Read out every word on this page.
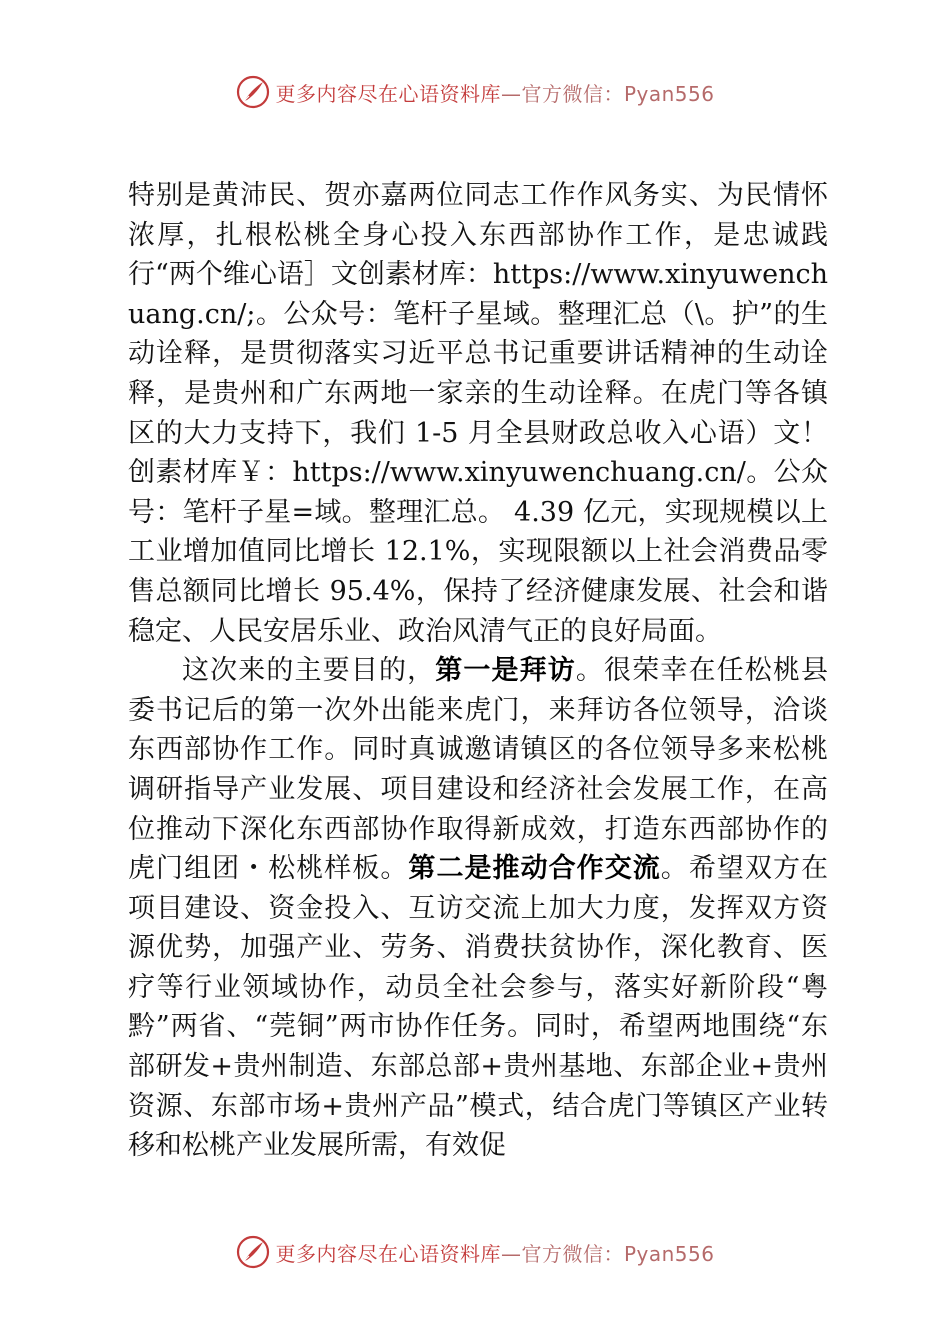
更多内容尽在心语资料库—官方微信：Pyan556

特别是黄沛民、贺亦嘉两位同志工作作风务实、为民情怀浓厚，扎根松桃全身心投入东西部协作工作，是忠诚践行“两个维心语］文创素材库：https://www.xinyuwenchuang.cn/;。公众号：笔杆子星域。整理汇总（\。护”的生动诠释，是贯彻落实习近平总书记重要讲话精神的生动诠释，是贵州和广东两地一家亲的生动诠释。在虎门等各镇区的大力支持下，我们 1-5 月全县财政总收入心语）文！创素材库￥：https://www.xinyuwenchuang.cn/。公众号：笔杆子星=域。整理汇总。 4.39 亿元，实现规模以上工业增加值同比增长 12.1%，实现限额以上社会消费品零售总额同比增长 95.4%，保持了经济健康发展、社会和谐稳定、人民安居乐业、政治风清气正的良好局面。

这次来的主要目的，第一是拜访。很荣幸在任松桃县委书记后的第一次外出能来虎门，来拜访各位领导，洽谈东西部协作工作。同时真诚邀请镇区的各位领导多来松桃调研指导产业发展、项目建设和经济社会发展工作，在高位推动下深化东西部协作取得新成效，打造东西部协作的虎门组团・松桃样板。第二是推动合作交流。希望双方在项目建设、资金投入、互访交流上加大力度，发挥双方资源优势，加强产业、劳务、消费扶贫协作，深化教育、医疗等行业领域协作，动员全社会参与，落实好新阶段“粤黔”两省、“莞铜”两市协作任务。同时，希望两地围绕“东部研发+贵州制造、东部总部+贵州基地、东部企业+贵州资源、东部市场+贵州产品”模式，结合虎门等镇区产业转移和松桃产业发展所需，有效促

更多内容尽在心语资料库—官方微信：Pyan556
